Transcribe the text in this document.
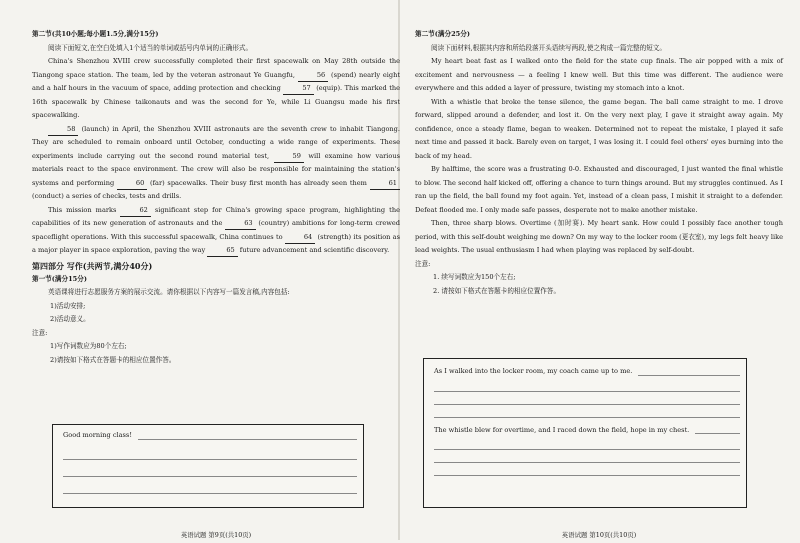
第二节(共10小题;每小题1.5分,满分15分)

阅读下面短文,在空白处填入1个适当的单词或括号内单词的正确形式。

China's Shenzhou XVIII crew successfully completed their first spacewalk on May 28th outside the Tiangong space station. The team, led by the veteran astronaut Ye Guangfu,	56 (spend) nearly eight and a half hours in the vacuum of space, adding protection and checking	57 (equip). This marked the 16th spacewalk by Chinese taikonauts and was the second for Ye, while Li Guangsu made his first spacewalking.

58 (launch) in April, the Shenzhou XVIII astronauts are the seventh crew to inhabit Tiangong. They are scheduled to remain onboard until October, conducting a wide range of experiments. These experiments include carrying out the second round material test,	59 will examine how various materials react to the space environment. The crew will also be responsible for maintaining the station's systems and performing	60 (far) spacewalks. Their busy first month has already seen them	61 (conduct) a series of checks, tests and drills.

This mission marks	62 significant step for China's growing space program, highlighting the capabilities of its new generation of astronauts and the	63 (country) ambitions for long-term crewed spaceflight operations. With this successful spacewalk, China continues to	64 (strength) its position as a major player in space exploration, paving the way	65 future advancement and scientific discovery.

第四部分 写作(共两节,满分40分)

第一节(满分15分)

英语课将进行志愿服务方案的展示交流。请你根据以下内容写一篇发言稿,内容包括:

1)活动安排;

2)活动意义。

注意:

1)写作词数应为80个左右;

2)请按如下格式在答题卡的相应位置作答。

Good morning class!
英语试题 第9页(共10页)

第二节(满分25分)

阅读下面材料,根据其内容和所给段落开头语续写两段,使之构成一篇完整的短文。

My heart beat fast as I walked onto the field for the state cup finals. The air popped with a mix of excitement and nervousness — a feeling I knew well. But this time was different. The audience were everywhere and this added a layer of pressure, twisting my stomach into a knot.

With a whistle that broke the tense silence, the game began. The ball came straight to me. I drove forward, slipped around a defender, and lost it. On the very next play, I gave it straight away again. My confidence, once a steady flame, began to weaken. Determined not to repeat the mistake, I played it safe next time and passed it back. Barely even on target, I was losing it. I could feel others' eyes burning into the back of my head.

By halftime, the score was a frustrating 0-0. Exhausted and discouraged, I just wanted the final whistle to blow. The second half kicked off, offering a chance to turn things around. But my struggles continued. As I ran up the field, the ball found my foot again. Yet, instead of a clean pass, I mishit it straight to a defender. Defeat flooded me. I only made safe passes, desperate not to make another mistake.

Then, three sharp blows. Overtime (加时赛). My heart sank. How could I possibly face another tough period, with this self-doubt weighing me down? On my way to the locker room (更衣室), my legs felt heavy like lead weights. The usual enthusiasm I had when playing was replaced by self-doubt.

注意:

1. 续写词数应为150个左右;

2. 请按如下格式在答题卡的相应位置作答。

As I walked into the locker room, my coach came up to me.
The whistle blew for overtime, and I raced down the field, hope in my chest.
英语试题 第10页(共10页)
